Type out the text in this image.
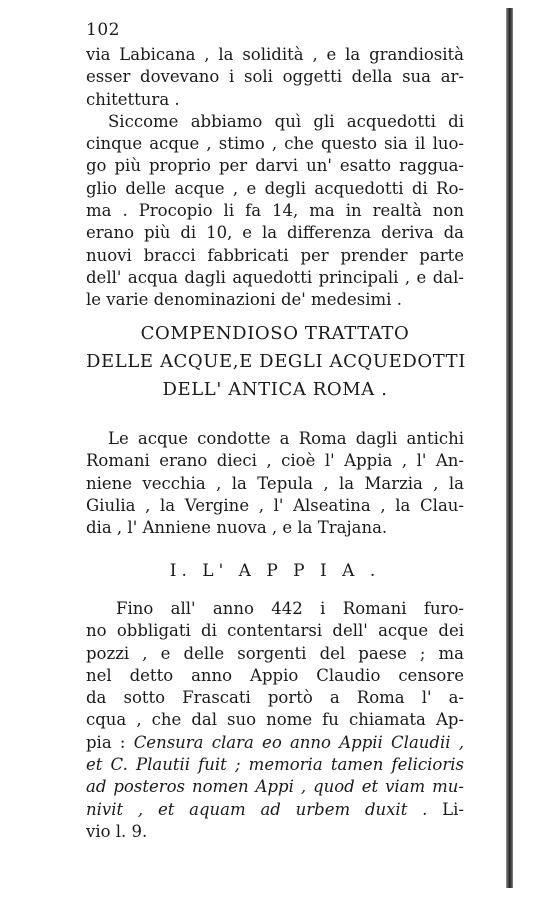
102
via Labicana , la solidità , e la grandiosità
esser dovevano i soli oggetti della sua ar-
chitettura .
Siccome abbiamo quì gli acquedotti di
cinque acque , stimo , che questo sia il luo-
go più proprio per darvi un' esatto raggua-
glio delle acque , e degli acquedotti di Ro-
ma . Procopio li fa 14, ma in realtà non
erano più di 10, e la differenza deriva da
nuovi bracci fabbricati per prender parte
dell' acqua dagli aquedotti principali , e dal-
le varie denominazioni de' medesimi .
COMPENDIOSO TRATTATO
DELLE ACQUE,E DEGLI ACQUEDOTTI
DELL' ANTICA ROMA .
Le acque condotte a Roma dagli antichi
Romani erano dieci , cioè l' Appia , l' An-
niene vecchia , la Tepula , la Marzia , la
Giulia , la Vergine , l' Alseatina , la Clau-
dia , l' Anniene nuova , e la Trajana.
I. L' A P P I A .
Fino all' anno 442 i Romani furo-
no obbligati di contentarsi dell' acque dei
pozzi , e delle sorgenti del paese ; ma
nel detto anno Appio Claudio censore
da sotto Frascati portò a Roma l' a-
cqua , che dal suo nome fu chiamata Ap-
pia : Censura clara eo anno Appii Claudii ,
et C. Plautii fuit ; memoria tamen felicioris
ad posteros nomen Appi , quod et viam mu-
nivit , et aquam ad urbem duxit . Li-
vio l. 9.
